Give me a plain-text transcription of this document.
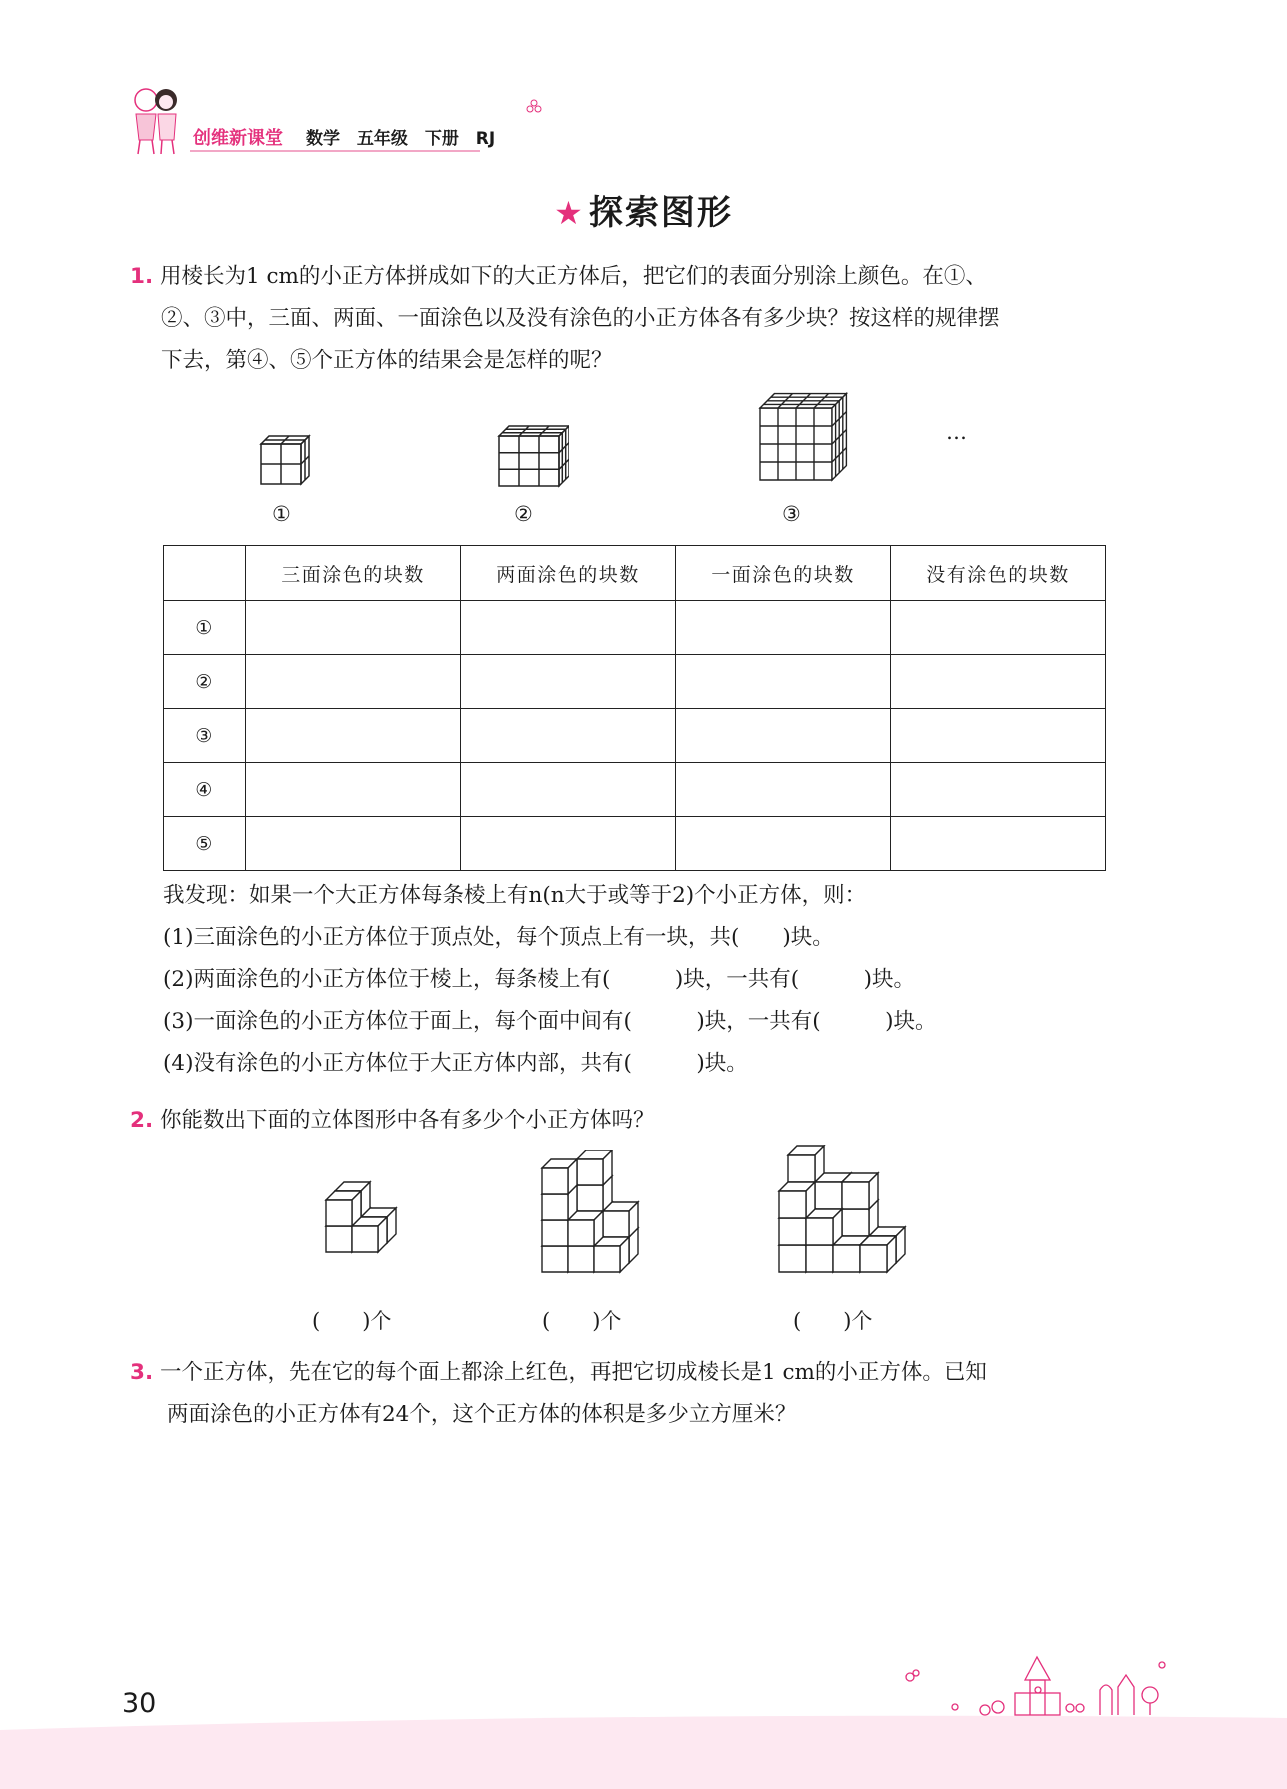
创维新课堂 数学 五年级 下册 RJ
★ 探索图形
1. 用棱长为1 cm的小正方体拼成如下的大正方体后，把它们的表面分别涂上颜色。在①、
②、③中，三面、两面、一面涂色以及没有涂色的小正方体各有多少块？按这样的规律摆
下去，第④、⑤个正方体的结果会是怎样的呢？
①	②	③
…
	三面涂色的块数	两面涂色的块数	一面涂色的块数	没有涂色的块数
①				
②				
③				
④				
⑤				
我发现：如果一个大正方体每条棱上有n(n大于或等于2)个小正方体，则：
(1)三面涂色的小正方体位于顶点处，每个顶点上有一块，共(　　)块。
(2)两面涂色的小正方体位于棱上，每条棱上有(　　　)块，一共有(　　　)块。
(3)一面涂色的小正方体位于面上，每个面中间有(　　　)块，一共有(　　　)块。
(4)没有涂色的小正方体位于大正方体内部，共有(　　　)块。
2. 你能数出下面的立体图形中各有多少个小正方体吗？
(　　)个	(　　)个	(　　)个
3. 一个正方体，先在它的每个面上都涂上红色，再把它切成棱长是1 cm的小正方体。已知
两面涂色的小正方体有24个，这个正方体的体积是多少立方厘米？
30
